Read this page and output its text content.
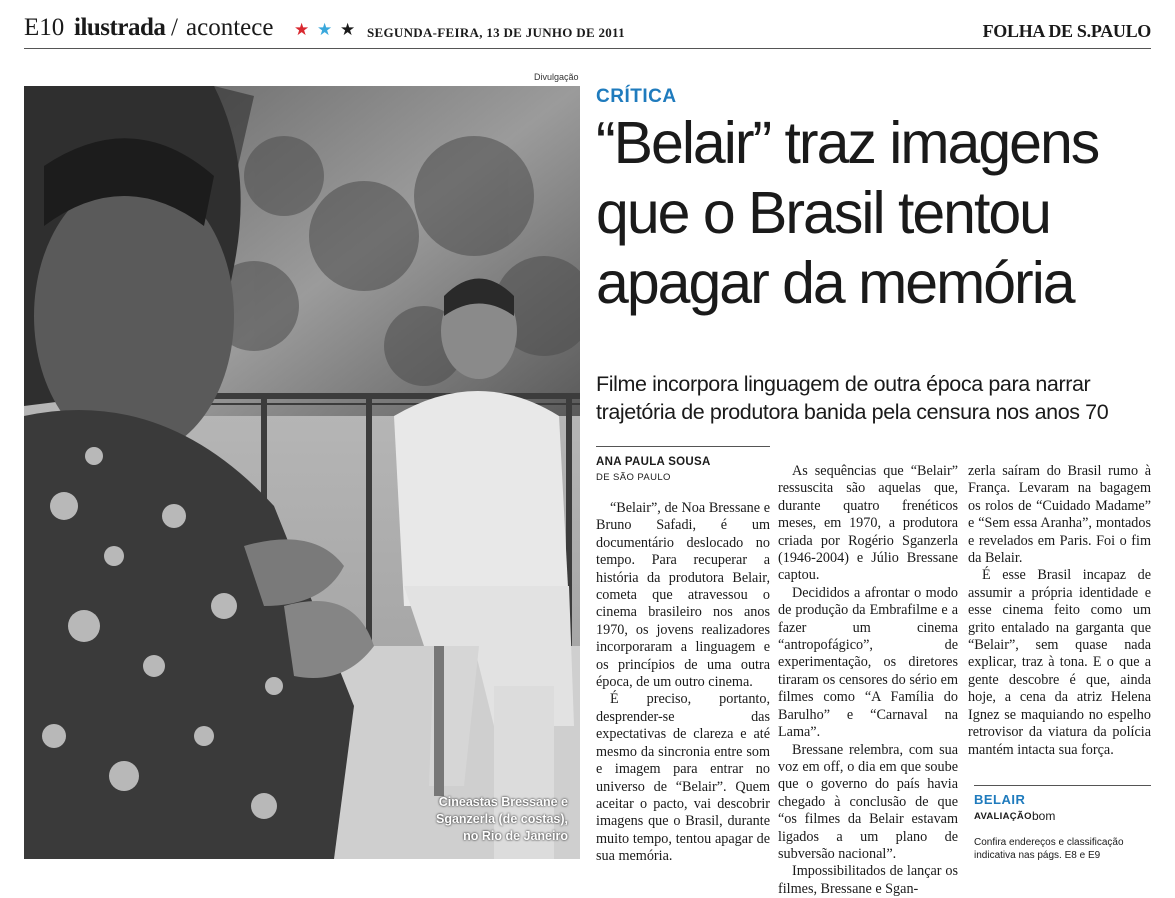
E10 ilustrada / acontece ★ ★ ★ SEGUNDA-FEIRA, 13 DE JUNHO DE 2011	FOLHA DE S.PAULO
Divulgação
Cineastas Bressane e
Sganzerla (de costas),
no Rio de Janeiro
CRÍTICA
“Belair” traz imagens
que o Brasil tentou
apagar da memória
Filme incorpora linguagem de outra época para narrar trajetória de produtora banida pela censura nos anos 70
ANA PAULA SOUSA
DE SÃO PAULO

“Belair”, de Noa Bressane e Bruno Safadi, é um documentário deslocado no tempo. Para recuperar a história da produtora Belair, cometa que atravessou o cinema brasileiro nos anos 1970, os jovens realizadores incorporaram a linguagem e os princípios de uma outra época, de um outro cinema.

É preciso, portanto, desprender-se das expectativas de clareza e até mesmo da sincronia entre som e imagem para entrar no universo de “Belair”. Quem aceitar o pacto, vai descobrir imagens que o Brasil, durante muito tempo, tentou apagar de sua memória.

As sequências que “Belair” ressuscita são aquelas que, durante quatro frenéticos meses, em 1970, a produtora criada por Rogério Sganzerla (1946-2004) e Júlio Bressane captou.

Decididos a afrontar o modo de produção da Embrafilme e a fazer um cinema “antropofágico”, de experimentação, os diretores tiraram os censores do sério em filmes como “A Família do Barulho” e “Carnaval na Lama”.

Bressane relembra, com sua voz em off, o dia em que soube que o governo do país havia chegado à conclusão de que “os filmes da Belair estavam ligados a um plano de subversão nacional”.

Impossibilitados de lançar os filmes, Bressane e Sgan-

zerla saíram do Brasil rumo à França. Levaram na bagagem os rolos de “Cuidado Madame” e “Sem essa Aranha”, montados e revelados em Paris. Foi o fim da Belair.

É esse Brasil incapaz de assumir a própria identidade e esse cinema feito como um grito entalado na garganta que “Belair”, sem quase nada explicar, traz à tona. E o que a gente descobre é que, ainda hoje, a cena da atriz Helena Ignez se maquiando no espelho retrovisor da viatura da polícia mantém intacta sua força.

BELAIR
AVALIAÇÃO bom
Confira endereços e classificação indicativa nas págs. E8 e E9
